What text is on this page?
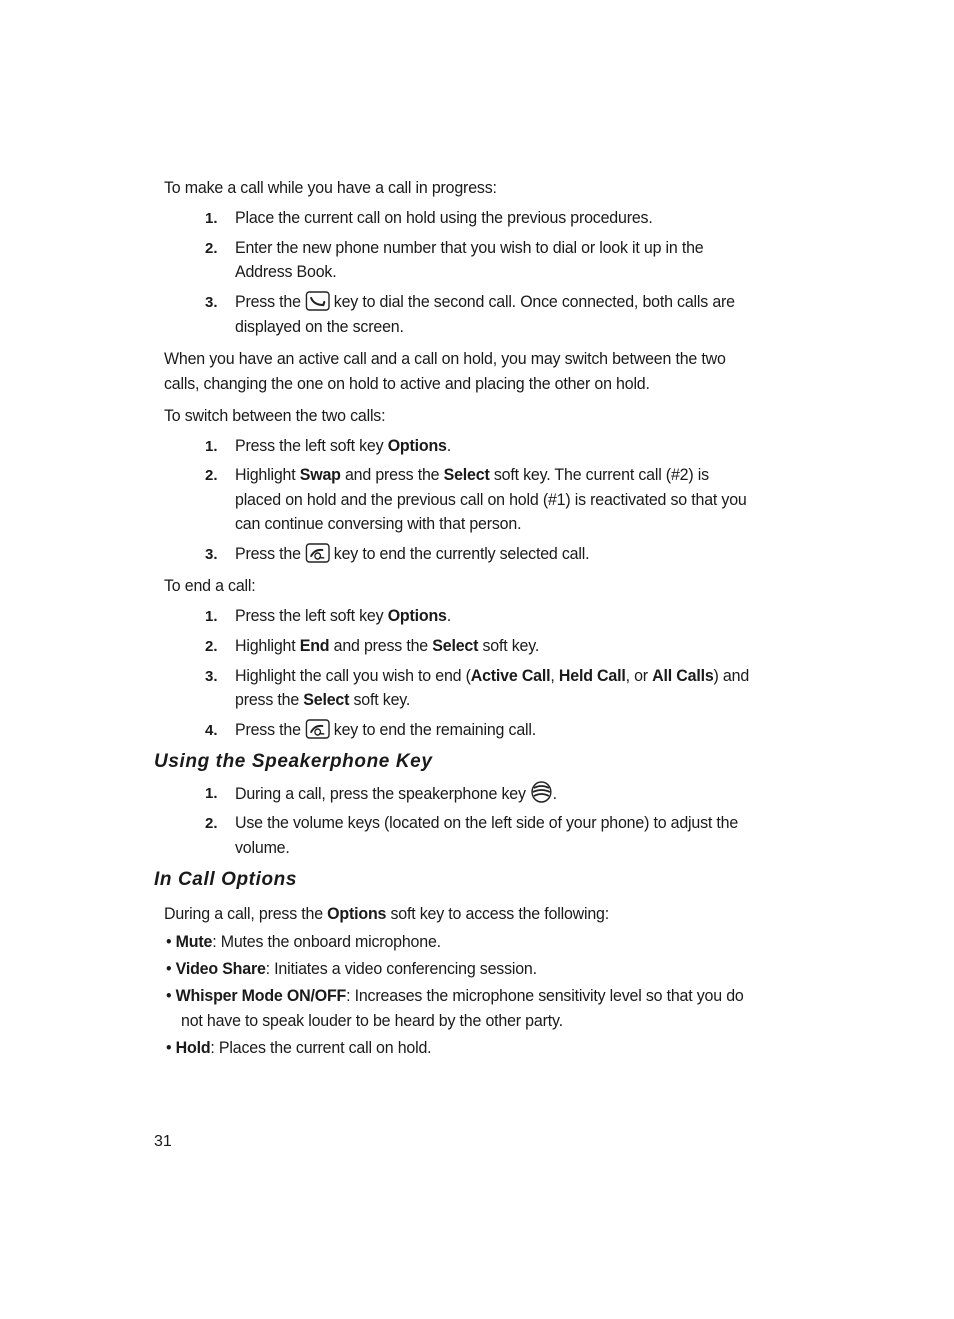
To make a call while you have a call in progress:
1. Place the current call on hold using the previous procedures.
2. Enter the new phone number that you wish to dial or look it up in the
Address Book.
3. Press the key to dial the second call. Once connected, both calls are
displayed on the screen.
When you have an active call and a call on hold, you may switch between the two
calls, changing the one on hold to active and placing the other on hold.
To switch between the two calls:
1. Press the left soft key Options.
2. Highlight Swap and press the Select soft key. The current call (#2) is
placed on hold and the previous call on hold (#1) is reactivated so that you
can continue conversing with that person.
3. Press the key to end the currently selected call.
To end a call:
1. Press the left soft key Options.
2. Highlight End and press the Select soft key.
3. Highlight the call you wish to end (Active Call, Held Call, or All Calls) and
press the Select soft key.
4. Press the key to end the remaining call.
Using the Speakerphone Key
1. During a call, press the speakerphone key .
2. Use the volume keys (located on the left side of your phone) to adjust the
volume.
In Call Options
During a call, press the Options soft key to access the following:
• Mute: Mutes the onboard microphone.
• Video Share: Initiates a video conferencing session.
• Whisper Mode ON/OFF: Increases the microphone sensitivity level so that you do
not have to speak louder to be heard by the other party.
• Hold: Places the current call on hold.
31
